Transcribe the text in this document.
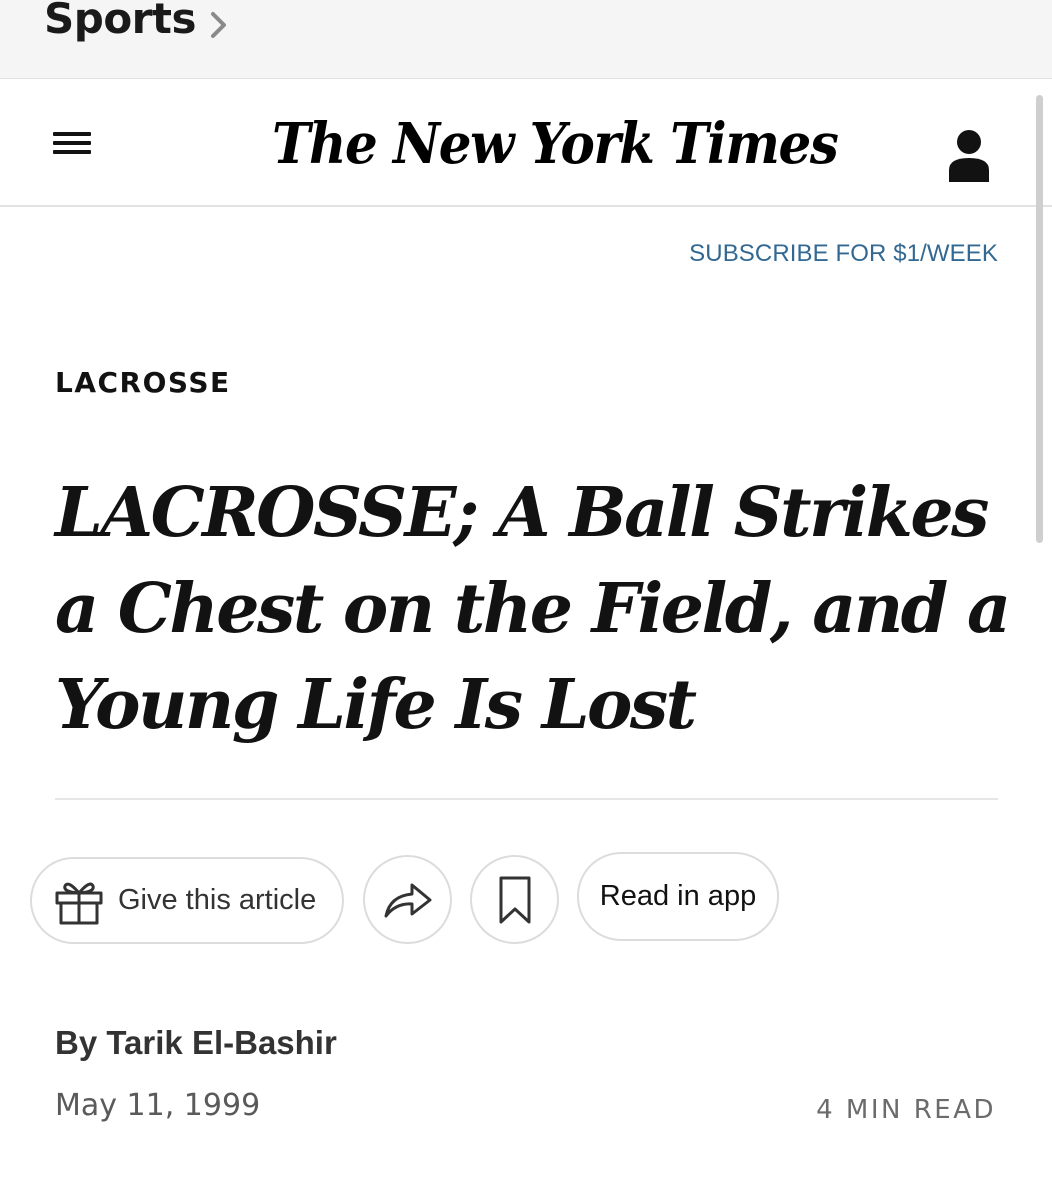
Sports
The New York Times
SUBSCRIBE FOR $1/WEEK
LACROSSE
LACROSSE; A Ball Strikes a Chest on the Field, and a Young Life Is Lost
Give this article	Read in app
By Tarik El-Bashir
May 11, 1999	4 MIN READ
